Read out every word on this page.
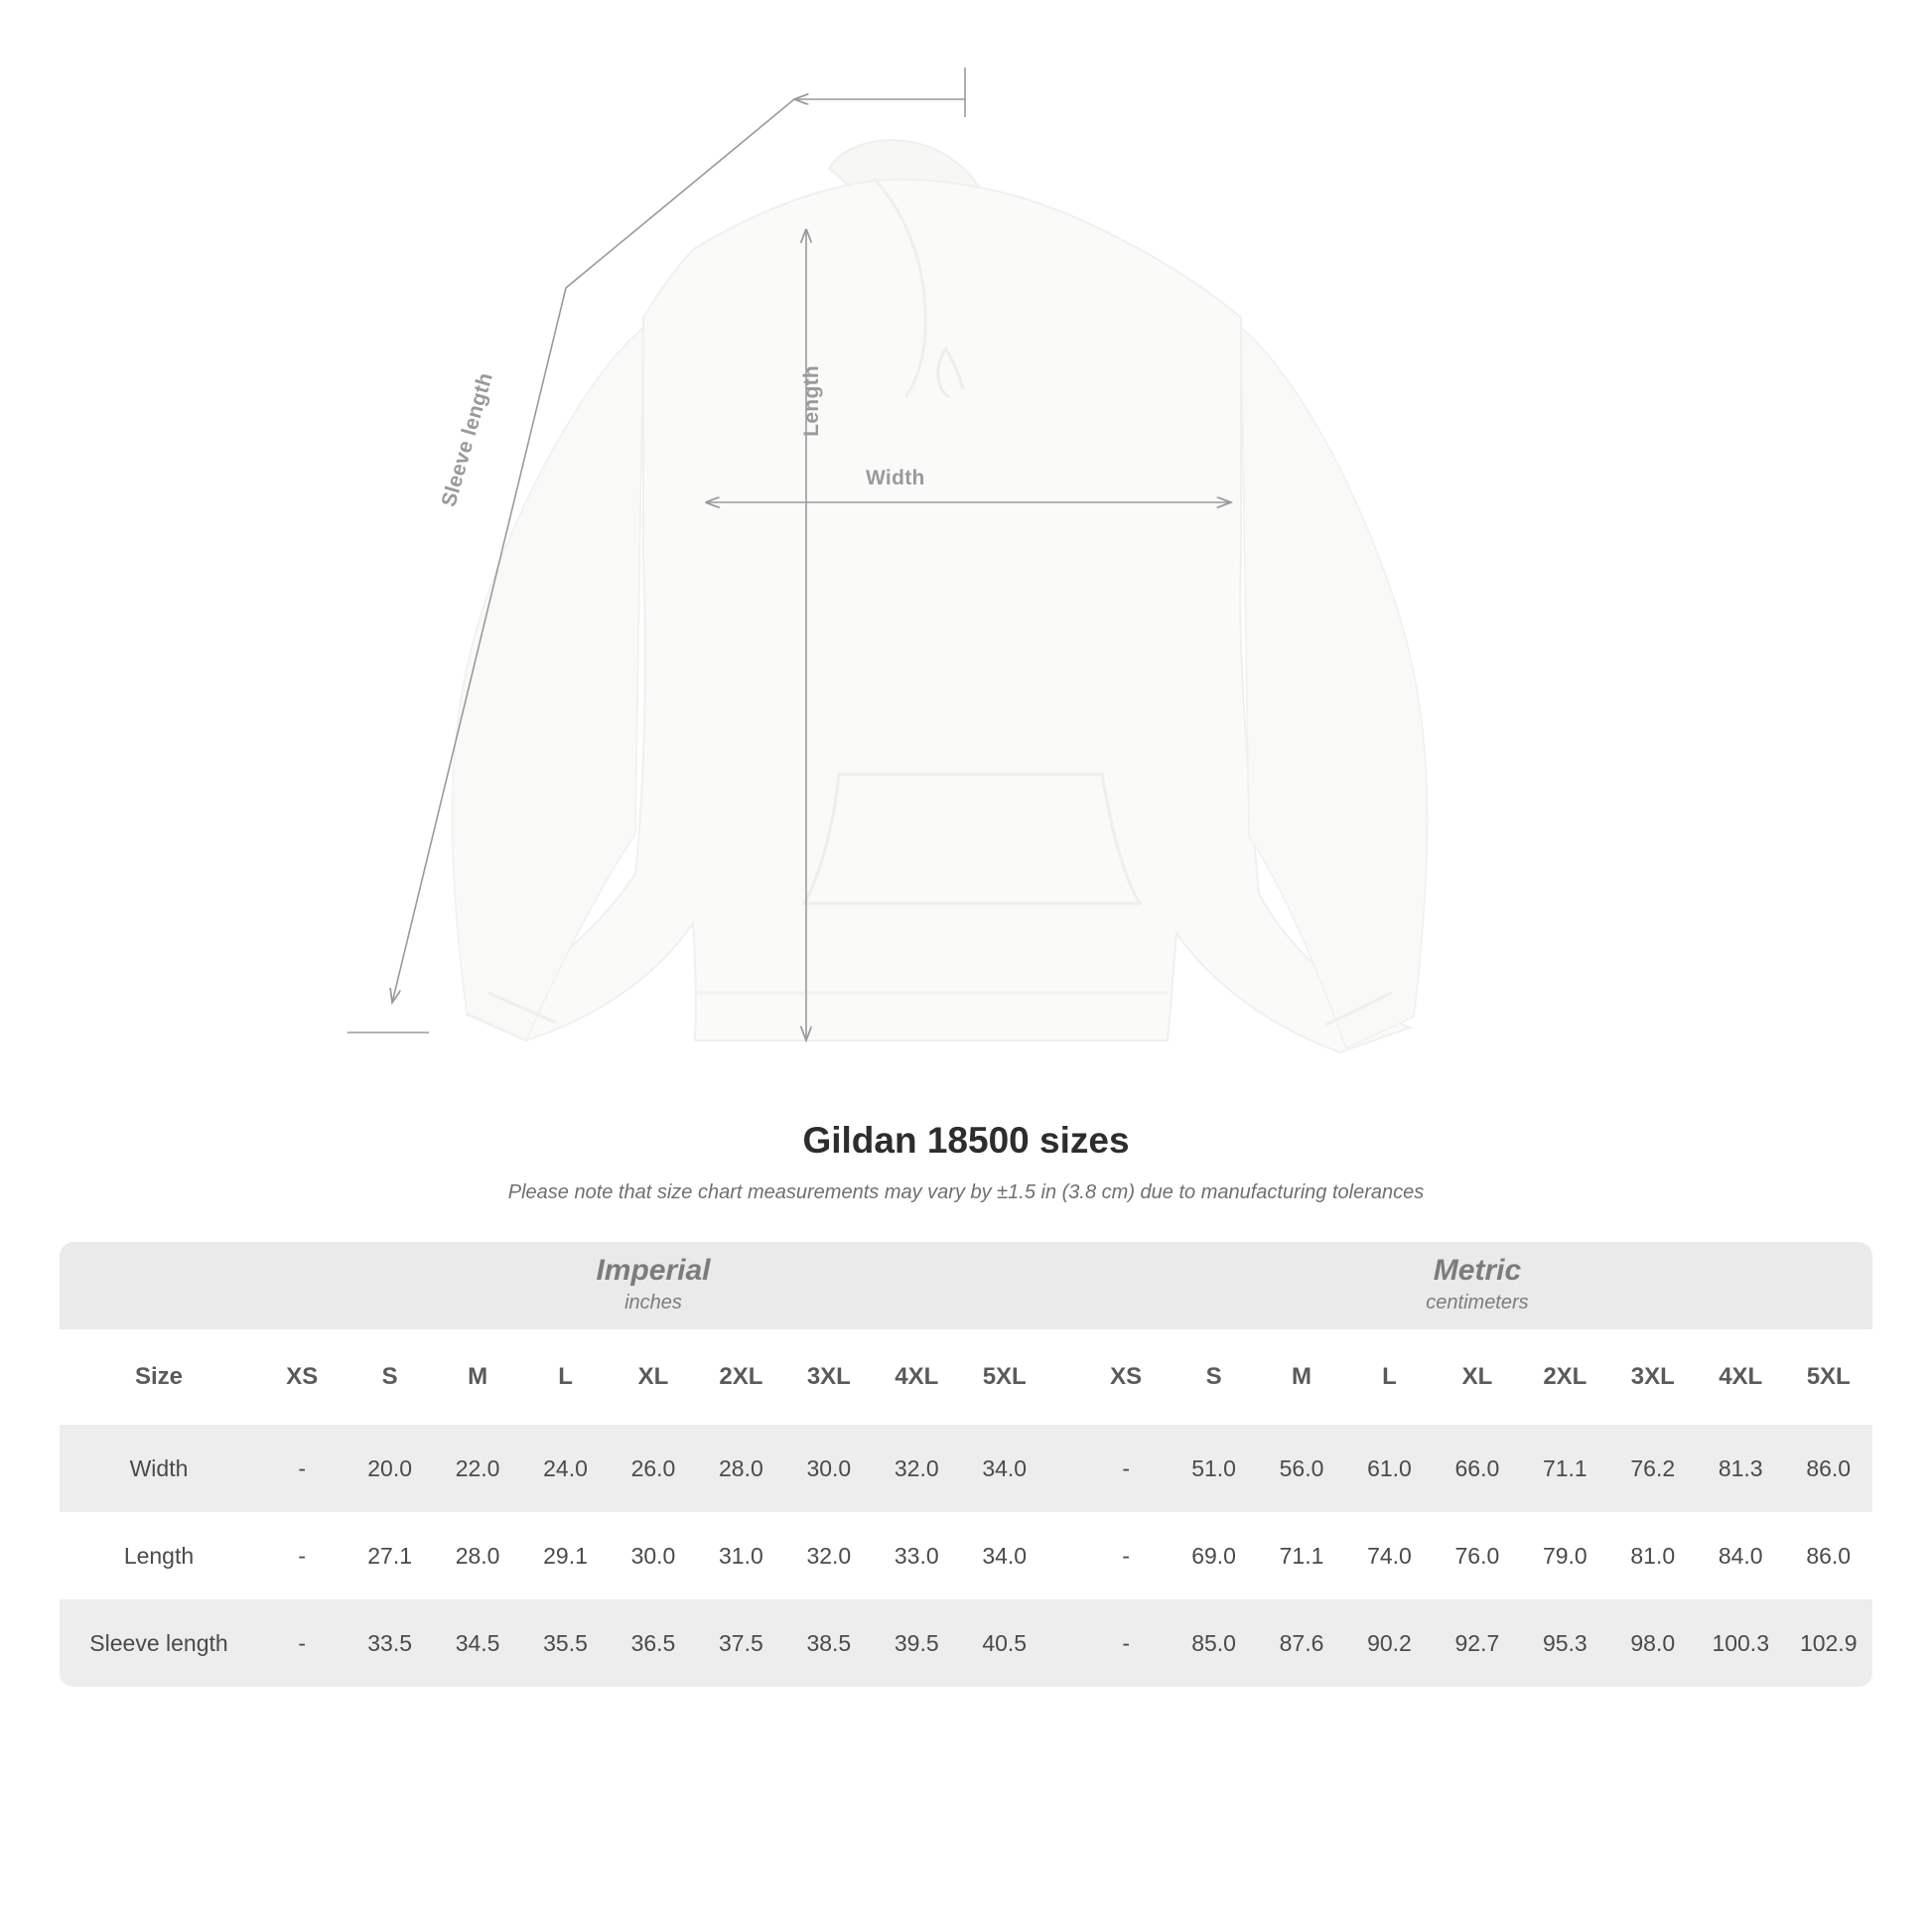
Length
Width
Sleeve length
Gildan 18500 sizes

Please note that size chart measurements may vary by ±1.5 in (3.8 cm) due to manufacturing tolerances

	Imperial
inches										Metric
centimeters								

Size	XS	S	M	L	XL	2XL	3XL	4XL	5XL		XS	S	M	L	XL	2XL	3XL	4XL	5XL
Width	-	20.0	22.0	24.0	26.0	28.0	30.0	32.0	34.0		-	51.0	56.0	61.0	66.0	71.1	76.2	81.3	86.0
Length	-	27.1	28.0	29.1	30.0	31.0	32.0	33.0	34.0		-	69.0	71.1	74.0	76.0	79.0	81.0	84.0	86.0
Sleeve length	-	33.5	34.5	35.5	36.5	37.5	38.5	39.5	40.5		-	85.0	87.6	90.2	92.7	95.3	98.0	100.3	102.9
